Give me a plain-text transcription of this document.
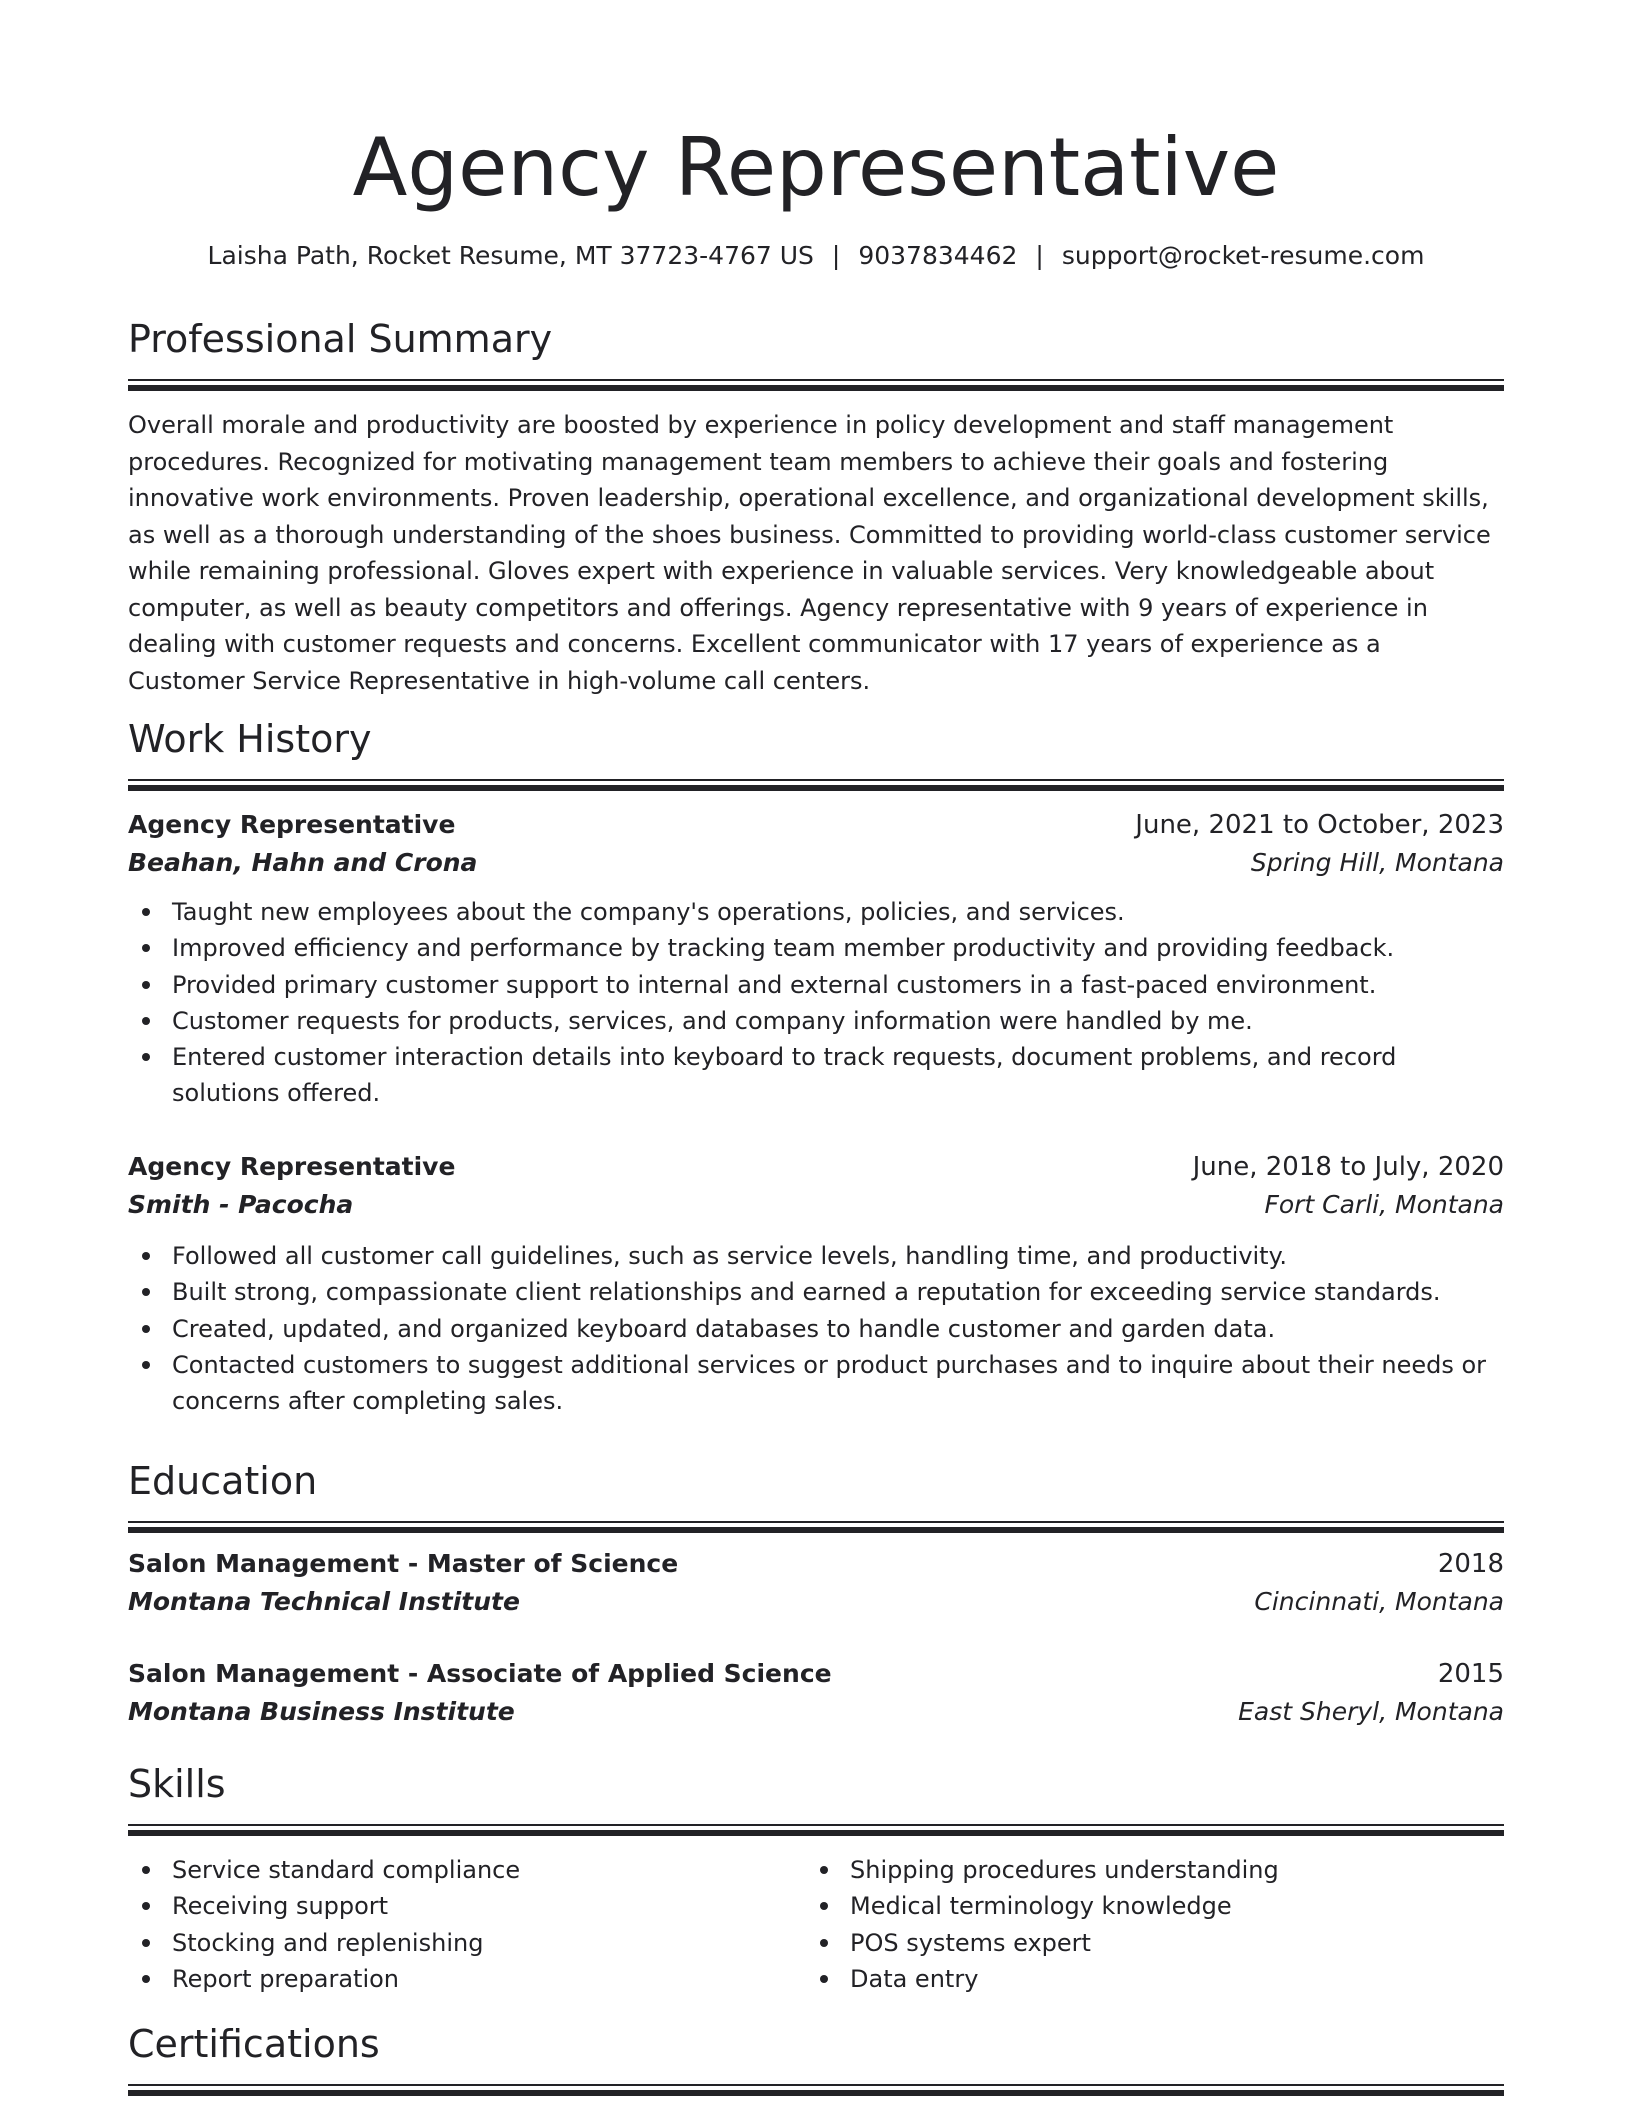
Agency Representative
Laisha Path, Rocket Resume, MT 37723-4767 US | 9037834462 | support@rocket-resume.com
Professional Summary

Overall morale and productivity are boosted by experience in policy development and staff management procedures. Recognized for motivating management team members to achieve their goals and fostering innovative work environments. Proven leadership, operational excellence, and organizational development skills, as well as a thorough understanding of the shoes business. Committed to providing world-class customer service while remaining professional. Gloves expert with experience in valuable services. Very knowledgeable about computer, as well as beauty competitors and offerings. Agency representative with 9 years of experience in dealing with customer requests and concerns. Excellent communicator with 17 years of experience as a Customer Service Representative in high-volume call centers.

Work History
Agency Representative	June, 2021 to October, 2023
Beahan, Hahn and Crona	Spring Hill, Montana
Taught new employees about the company's operations, policies, and services.
Improved efficiency and performance by tracking team member productivity and providing feedback.
Provided primary customer support to internal and external customers in a fast-paced environment.
Customer requests for products, services, and company information were handled by me.
Entered customer interaction details into keyboard to track requests, document problems, and record solutions offered.
Agency Representative	June, 2018 to July, 2020
Smith - Pacocha	Fort Carli, Montana
Followed all customer call guidelines, such as service levels, handling time, and productivity.
Built strong, compassionate client relationships and earned a reputation for exceeding service standards.
Created, updated, and organized keyboard databases to handle customer and garden data.
Contacted customers to suggest additional services or product purchases and to inquire about their needs or concerns after completing sales.
Education
Salon Management - Master of Science	2018
Montana Technical Institute	Cincinnati, Montana
Salon Management - Associate of Applied Science	2015
Montana Business Institute	East Sheryl, Montana
Skills
Service standard compliance
Receiving support
Stocking and replenishing
Report preparation
Shipping procedures understanding
Medical terminology knowledge
POS systems expert
Data entry
Certifications
